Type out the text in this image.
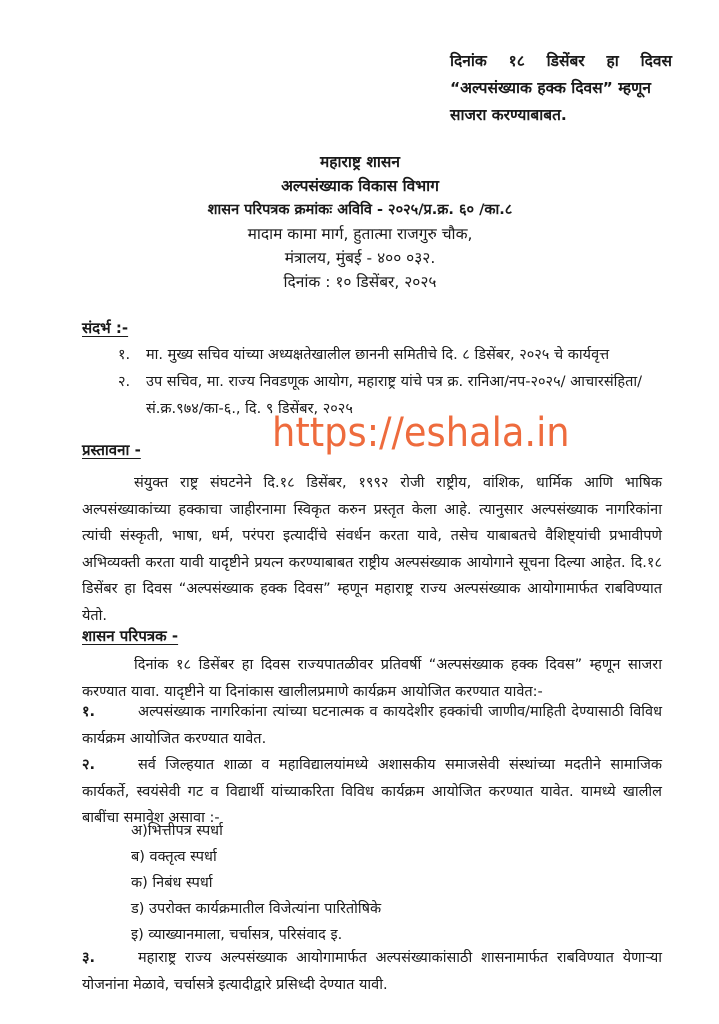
दिनांक १८ डिसेंबर हा दिवस
“अल्पसंख्याक हक्क दिवस” म्हणून
साजरा करण्याबाबत.
महाराष्ट्र शासन
अल्पसंख्याक विकास विभाग
शासन परिपत्रक क्रमांकः अविवि - २०२५/प्र.क्र. ६० /का.८
मादाम कामा मार्ग, हुतात्मा राजगुरु चौक,
मंत्रालय, मुंबई - ४०० ०३२.
दिनांक : १० डिसेंबर, २०२५
संदर्भ :-
१.	मा. मुख्य सचिव यांच्या अध्यक्षतेखालील छाननी समितीचे दि. ८ डिसेंबर, २०२५ चे कार्यवृत्त
२.	उप सचिव, मा. राज्य निवडणूक आयोग, महाराष्ट्र यांचे पत्र क्र. रानिआ/नप-२०२५/ आचारसंहिता/सं.क्र.९७४/का-६., दि. ९ डिसेंबर, २०२५
प्रस्तावना -	https://eshala.in
संयुक्त राष्ट्र संघटनेने दि.१८ डिसेंबर, १९९२ रोजी राष्ट्रीय, वांशिक, धार्मिक आणि भाषिक अल्पसंख्याकांच्या हक्काचा जाहीरनामा स्विकृत करुन प्रस्तृत केला आहे. त्यानुसार अल्पसंख्याक नागरिकांना त्यांची संस्कृती, भाषा, धर्म, परंपरा इत्यादींचे संवर्धन करता यावे, तसेच याबाबतचे वैशिष्ट्यांची प्रभावीपणे अभिव्यक्ती करता यावी यादृष्टीने प्रयत्न करण्याबाबत राष्ट्रीय अल्पसंख्याक आयोगाने सूचना दिल्या आहेत. दि.१८ डिसेंबर हा दिवस “अल्पसंख्याक हक्क दिवस” म्हणून महाराष्ट्र राज्य अल्पसंख्याक आयोगामार्फत राबविण्यात येतो.
शासन परिपत्रक -
दिनांक १८ डिसेंबर हा दिवस राज्यपातळीवर प्रतिवर्षी “अल्पसंख्याक हक्क दिवस” म्हणून साजरा करण्यात यावा. यादृष्टीने या दिनांकास खालीलप्रमाणे कार्यक्रम आयोजित करण्यात यावेत:-
१.	अल्पसंख्याक नागरिकांना त्यांच्या घटनात्मक व कायदेशीर हक्कांची जाणीव/माहिती देण्यासाठी विविध कार्यक्रम आयोजित करण्यात यावेत.
२.	सर्व जिल्हयात शाळा व महाविद्यालयांमध्ये अशासकीय समाजसेवी संस्थांच्या मदतीने सामाजिक कार्यकर्ते, स्वयंसेवी गट व विद्यार्थी यांच्याकरिता विविध कार्यक्रम आयोजित करण्यात यावेत. यामध्ये खालील बाबींचा समावेश असावा :-
अ)भित्तीपत्र स्पर्धा
ब) वक्तृत्व स्पर्धा
क) निबंध स्पर्धा
ड) उपरोक्त कार्यक्रमातील विजेत्यांना पारितोषिके
इ) व्याख्यानमाला, चर्चासत्र, परिसंवाद इ.
३.	महाराष्ट्र राज्य अल्पसंख्याक आयोगामार्फत अल्पसंख्याकांसाठी शासनामार्फत राबविण्यात येणाऱ्या योजनांना मेळावे, चर्चासत्रे इत्यादीद्वारे प्रसिध्दी देण्यात यावी.
